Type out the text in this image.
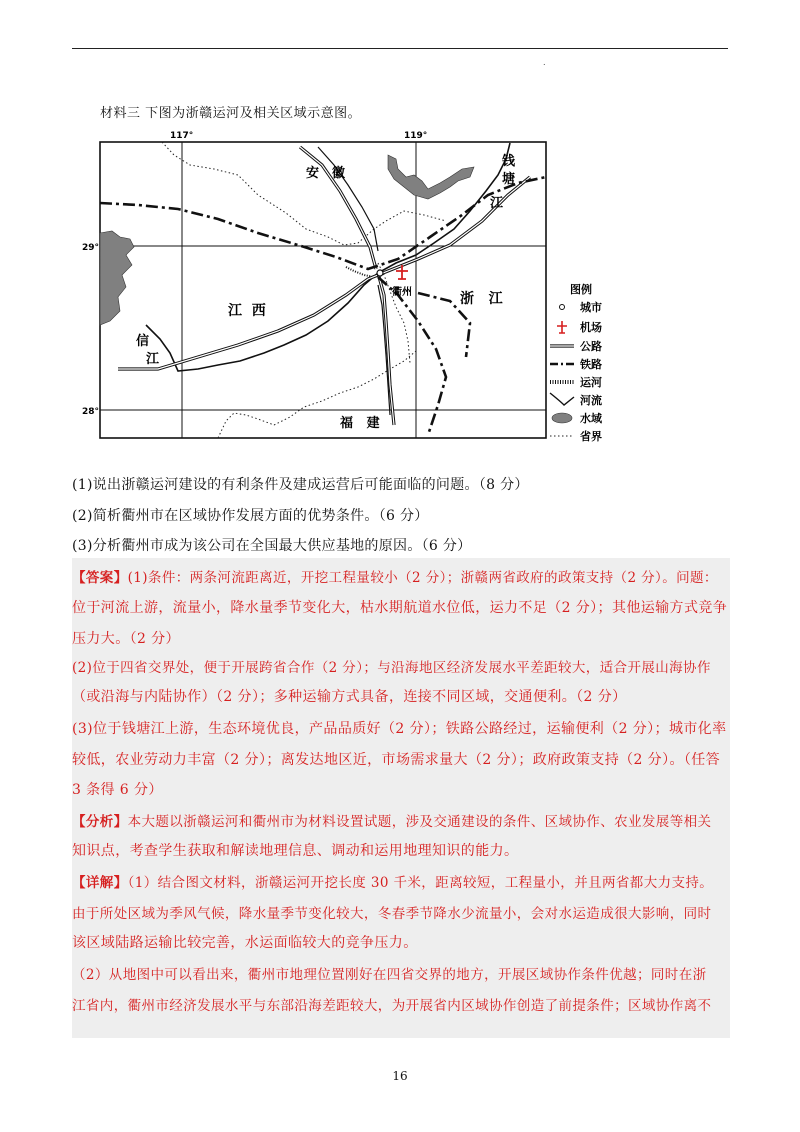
.
材料三 下图为浙赣运河及相关区域示意图。
117°	119°
29°
28°
衢州
安 徽
钱
塘
江
江  西
浙   江
信
江
福   建
图例
城市
机场
公路
铁路
运河
河流
水域
省界
(1)说出浙赣运河建设的有利条件及建成运营后可能面临的问题。（8 分）
(2)简析衢州市在区域协作发展方面的优势条件。（6 分）
(3)分析衢州市成为该公司在全国最大供应基地的原因。（6 分）
【答案】(1)条件：两条河流距离近，开挖工程量较小（2 分）；浙赣两省政府的政策支持（2 分）。问题：
位于河流上游，流量小，降水量季节变化大，枯水期航道水位低，运力不足（2 分）；其他运输方式竞争
压力大。（2 分）
(2)位于四省交界处，便于开展跨省合作（2 分）；与沿海地区经济发展水平差距较大，适合开展山海协作
（或沿海与内陆协作）（2 分）；多种运输方式具备，连接不同区域，交通便利。（2 分）
(3)位于钱塘江上游，生态环境优良，产品品质好（2 分）；铁路公路经过，运输便利（2 分）；城市化率
较低，农业劳动力丰富（2 分）；离发达地区近，市场需求量大（2 分）；政府政策支持（2 分）。（任答
3 条得 6 分）
【分析】本大题以浙赣运河和衢州市为材料设置试题，涉及交通建设的条件、区域协作、农业发展等相关
知识点，考查学生获取和解读地理信息、调动和运用地理知识的能力。
【详解】（1）结合图文材料，浙赣运河开挖长度 30 千米，距离较短，工程量小，并且两省都大力支持。
由于所处区域为季风气候，降水量季节变化较大，冬春季节降水少流量小，会对水运造成很大影响，同时
该区域陆路运输比较完善，水运面临较大的竞争压力。
（2）从地图中可以看出来，衢州市地理位置刚好在四省交界的地方，开展区域协作条件优越；同时在浙
江省内，衢州市经济发展水平与东部沿海差距较大，为开展省内区域协作创造了前提条件；区域协作离不
16
